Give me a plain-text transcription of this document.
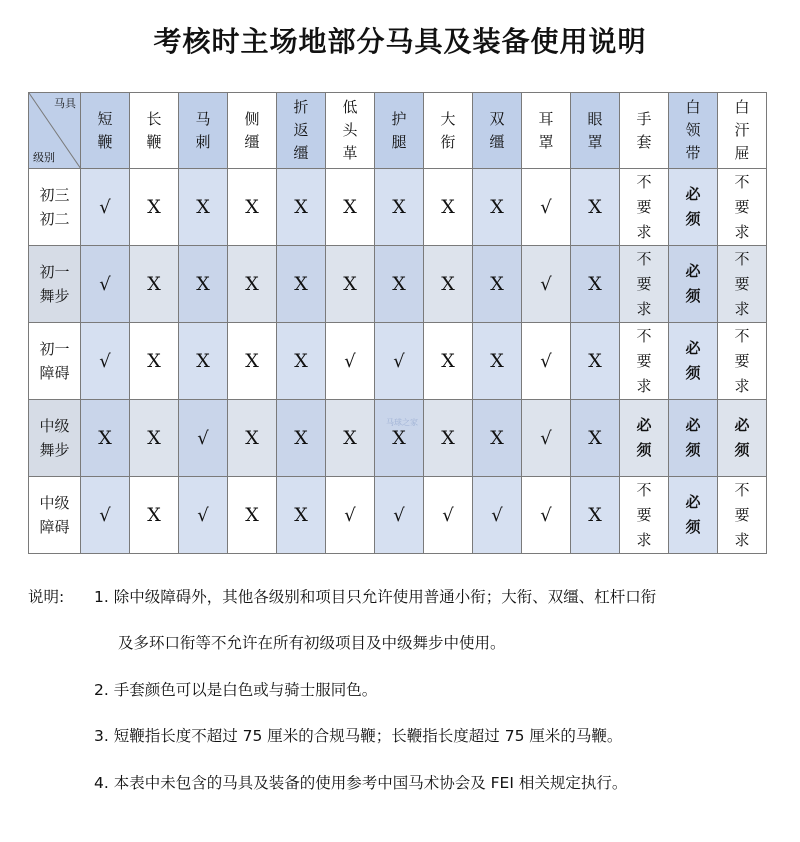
考核时主场地部分马具及装备使用说明
马具
级别	短鞭	长鞭	马刺	侧缰	折返缰	低头革	护腿	大衔	双缰	耳罩	眼罩	手套	白领带	白汗屉
初三初二	√	X	X	X	X	X	X	X	X	√	X	不要求	必须	不要求
初一舞步	√	X	X	X	X	X	X	X	X	√	X	不要求	必须	不要求
初一障碍	√	X	X	X	X	√	√	X	X	√	X	不要求	必须	不要求
中级舞步	X	X	√	X	X	X	X	X	X	√	X	必须	必须	必须
中级障碍	√	X	√	X	X	√	√	√	√	√	X	不要求	必须	不要求
马球之家
说明: 1. 除中级障碍外，其他各级别和项目只允许使用普通小衔；大衔、双缰、杠杆口衔
及多环口衔等不允许在所有初级项目及中级舞步中使用。
2. 手套颜色可以是白色或与骑士服同色。
3. 短鞭指长度不超过 75 厘米的合规马鞭；长鞭指长度超过 75 厘米的马鞭。
4. 本表中未包含的马具及装备的使用参考中国马术协会及 FEI 相关规定执行。
